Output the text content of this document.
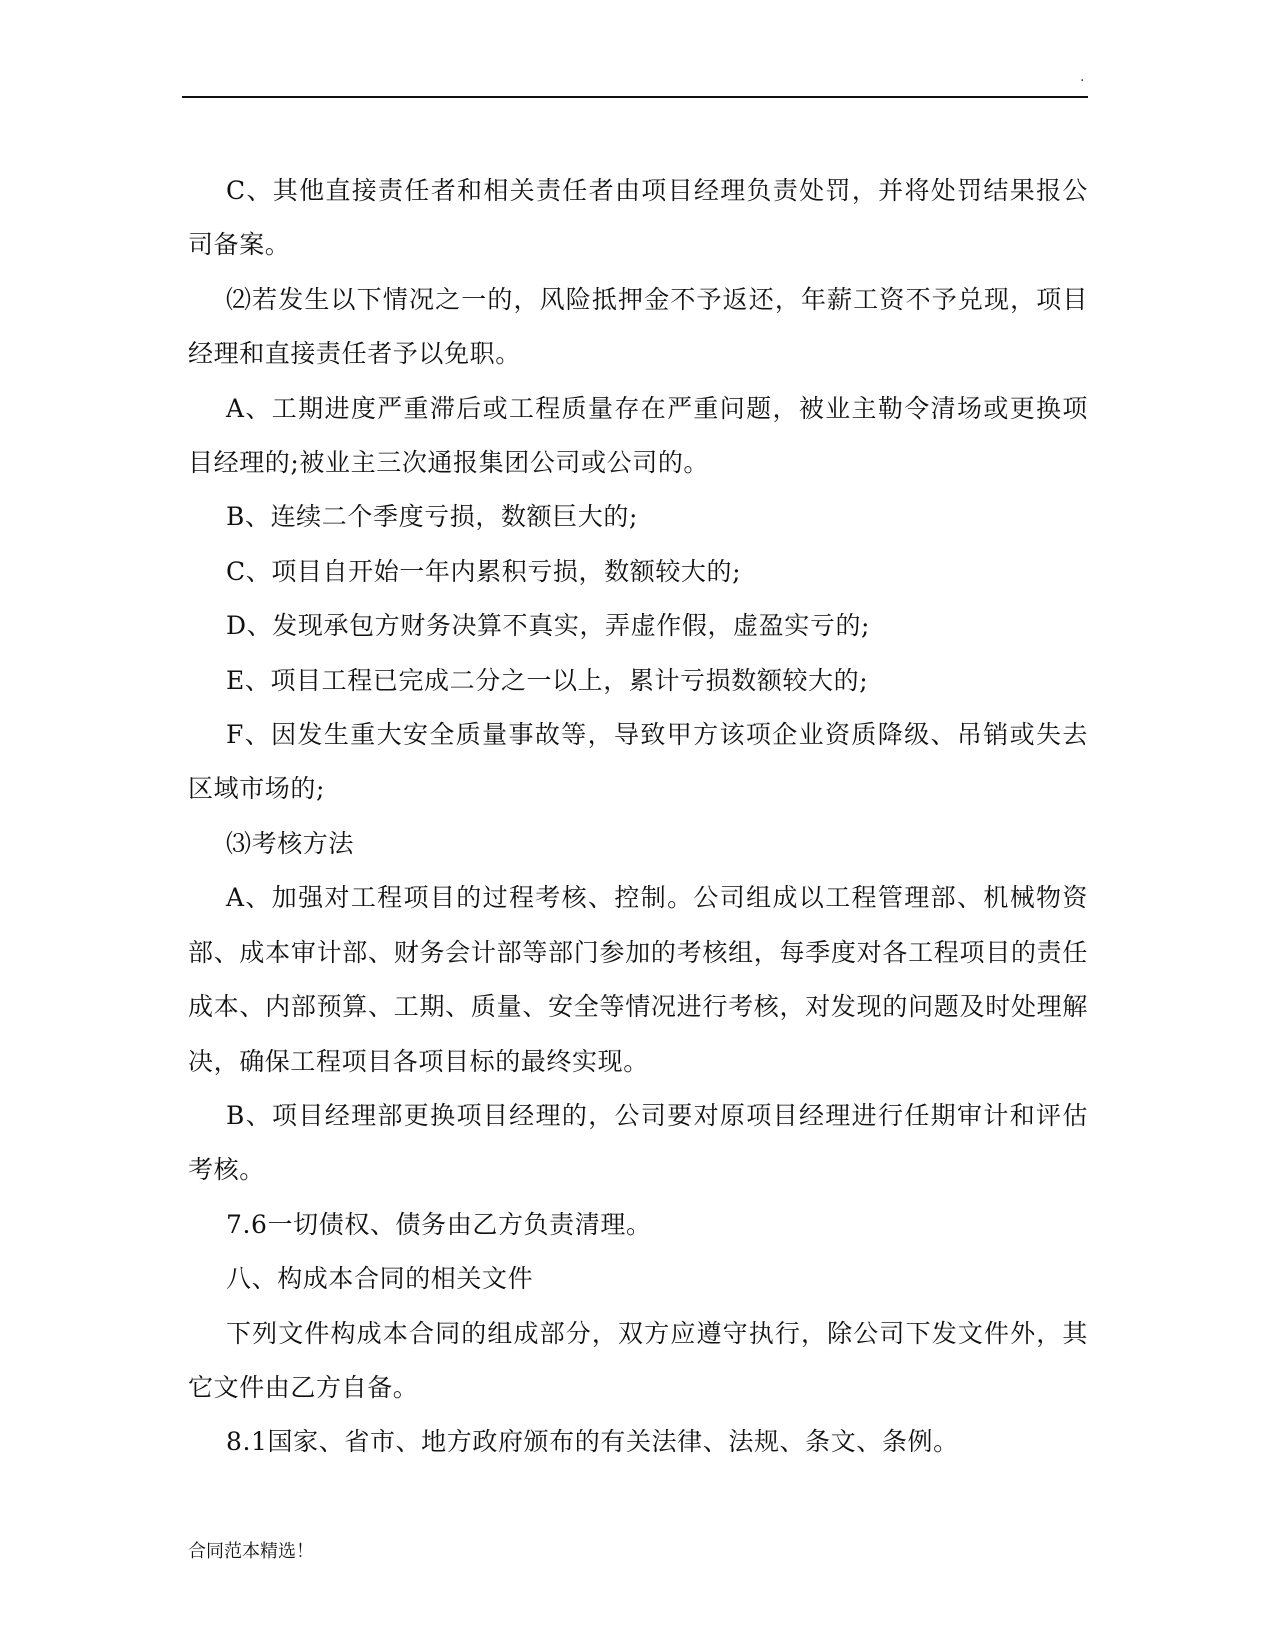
.

C、其他直接责任者和相关责任者由项目经理负责处罚，并将处罚结果报公司备案。

⑵若发生以下情况之一的，风险抵押金不予返还，年薪工资不予兑现，项目经理和直接责任者予以免职。

A、工期进度严重滞后或工程质量存在严重问题，被业主勒令清场或更换项目经理的;被业主三次通报集团公司或公司的。

B、连续二个季度亏损，数额巨大的;

C、项目自开始一年内累积亏损，数额较大的;

D、发现承包方财务决算不真实，弄虚作假，虚盈实亏的;

E、项目工程已完成二分之一以上，累计亏损数额较大的;

F、因发生重大安全质量事故等，导致甲方该项企业资质降级、吊销或失去区域市场的;

⑶考核方法

A、加强对工程项目的过程考核、控制。公司组成以工程管理部、机械物资部、成本审计部、财务会计部等部门参加的考核组，每季度对各工程项目的责任成本、内部预算、工期、质量、安全等情况进行考核，对发现的问题及时处理解决，确保工程项目各项目标的最终实现。

B、项目经理部更换项目经理的，公司要对原项目经理进行任期审计和评估考核。

7.6一切债权、债务由乙方负责清理。

八、构成本合同的相关文件

下列文件构成本合同的组成部分，双方应遵守执行，除公司下发文件外，其它文件由乙方自备。

8.1国家、省市、地方政府颁布的有关法律、法规、条文、条例。

合同范本精选！
